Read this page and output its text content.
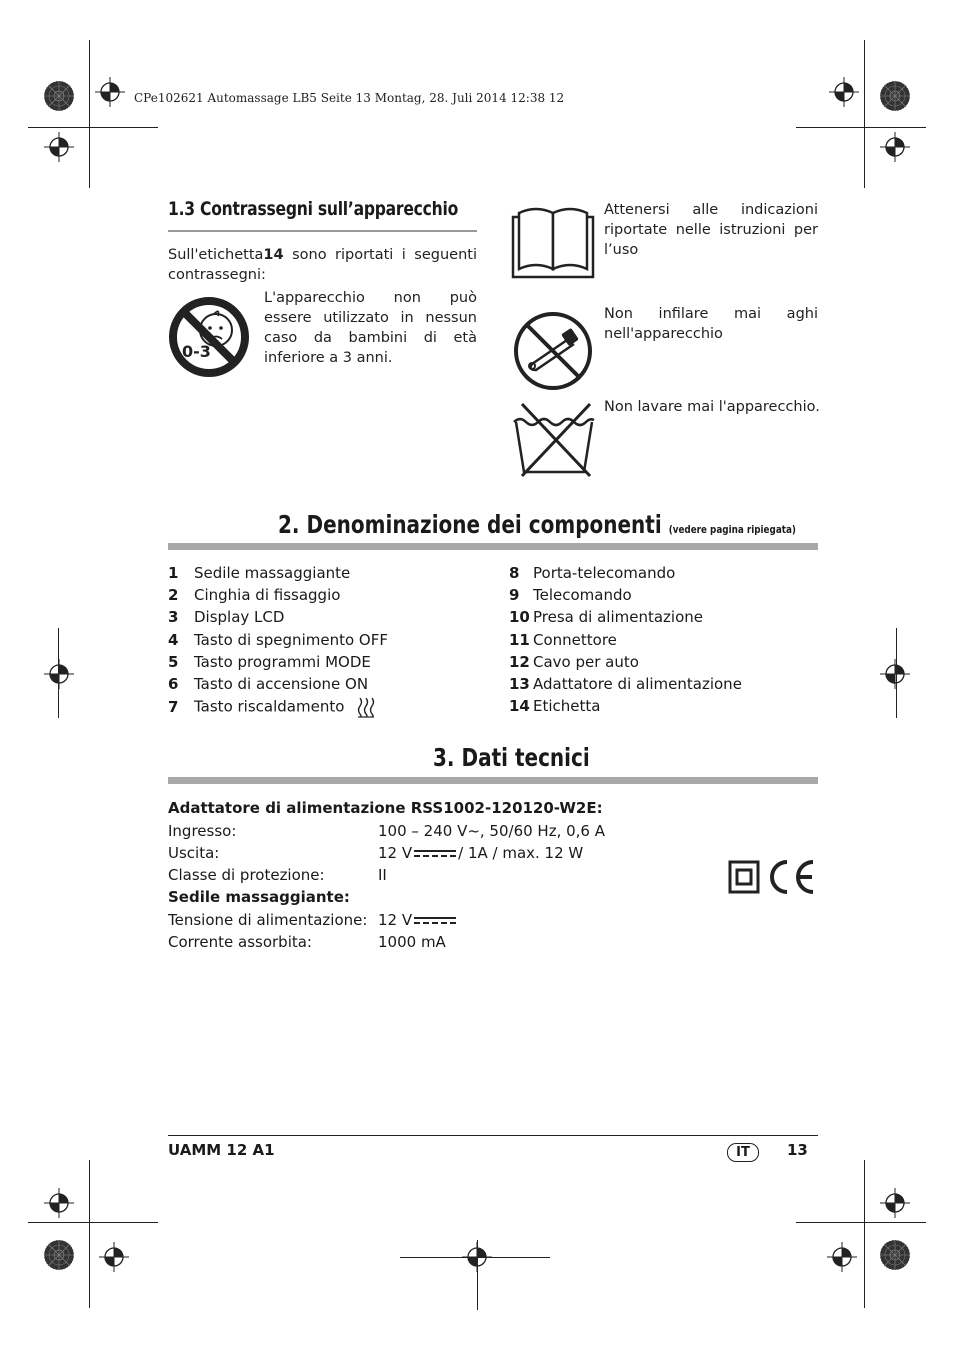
CPe102621 Automassage LB5 Seite 13 Montag, 28. Juli 2014 12:38 12
1.3 Contrassegni sull’apparecchio
Sull'etichetta14 sono riportati i seguenti contrassegni:
0-3
L'apparecchio non può essere utilizzato in nessun caso da bambini di età inferiore a 3 anni.
Attenersi alle indicazioni riportate nelle istruzioni per l’uso
Non infilare mai aghi nell'apparecchio
Non lavare mai l'apparecchio.
2. Denominazione dei componenti (vedere pagina ripiegata)
1 Sedile massaggiante
2 Cinghia di fissaggio
3 Display LCD
4 Tasto di spegnimento OFF
5 Tasto programmi MODE
6 Tasto di accensione ON
7 Tasto riscaldamento
8 Porta-telecomando
9 Telecomando
10 Presa di alimentazione
11 Connettore
12 Cavo per auto
13 Adattatore di alimentazione
14 Etichetta
3. Dati tecnici
Adattatore di alimentazione RSS1002-120120-W2E:
Ingresso:	100 – 240 V~, 50/60 Hz, 0,6 A
Uscita:	12 V	/ 1A / max. 12 W
Classe di protezione:	II
Sedile massaggiante:
Tensione di alimentazione: 12 V
Corrente assorbita:	1000 mA
UAMM 12 A1	IT	13
